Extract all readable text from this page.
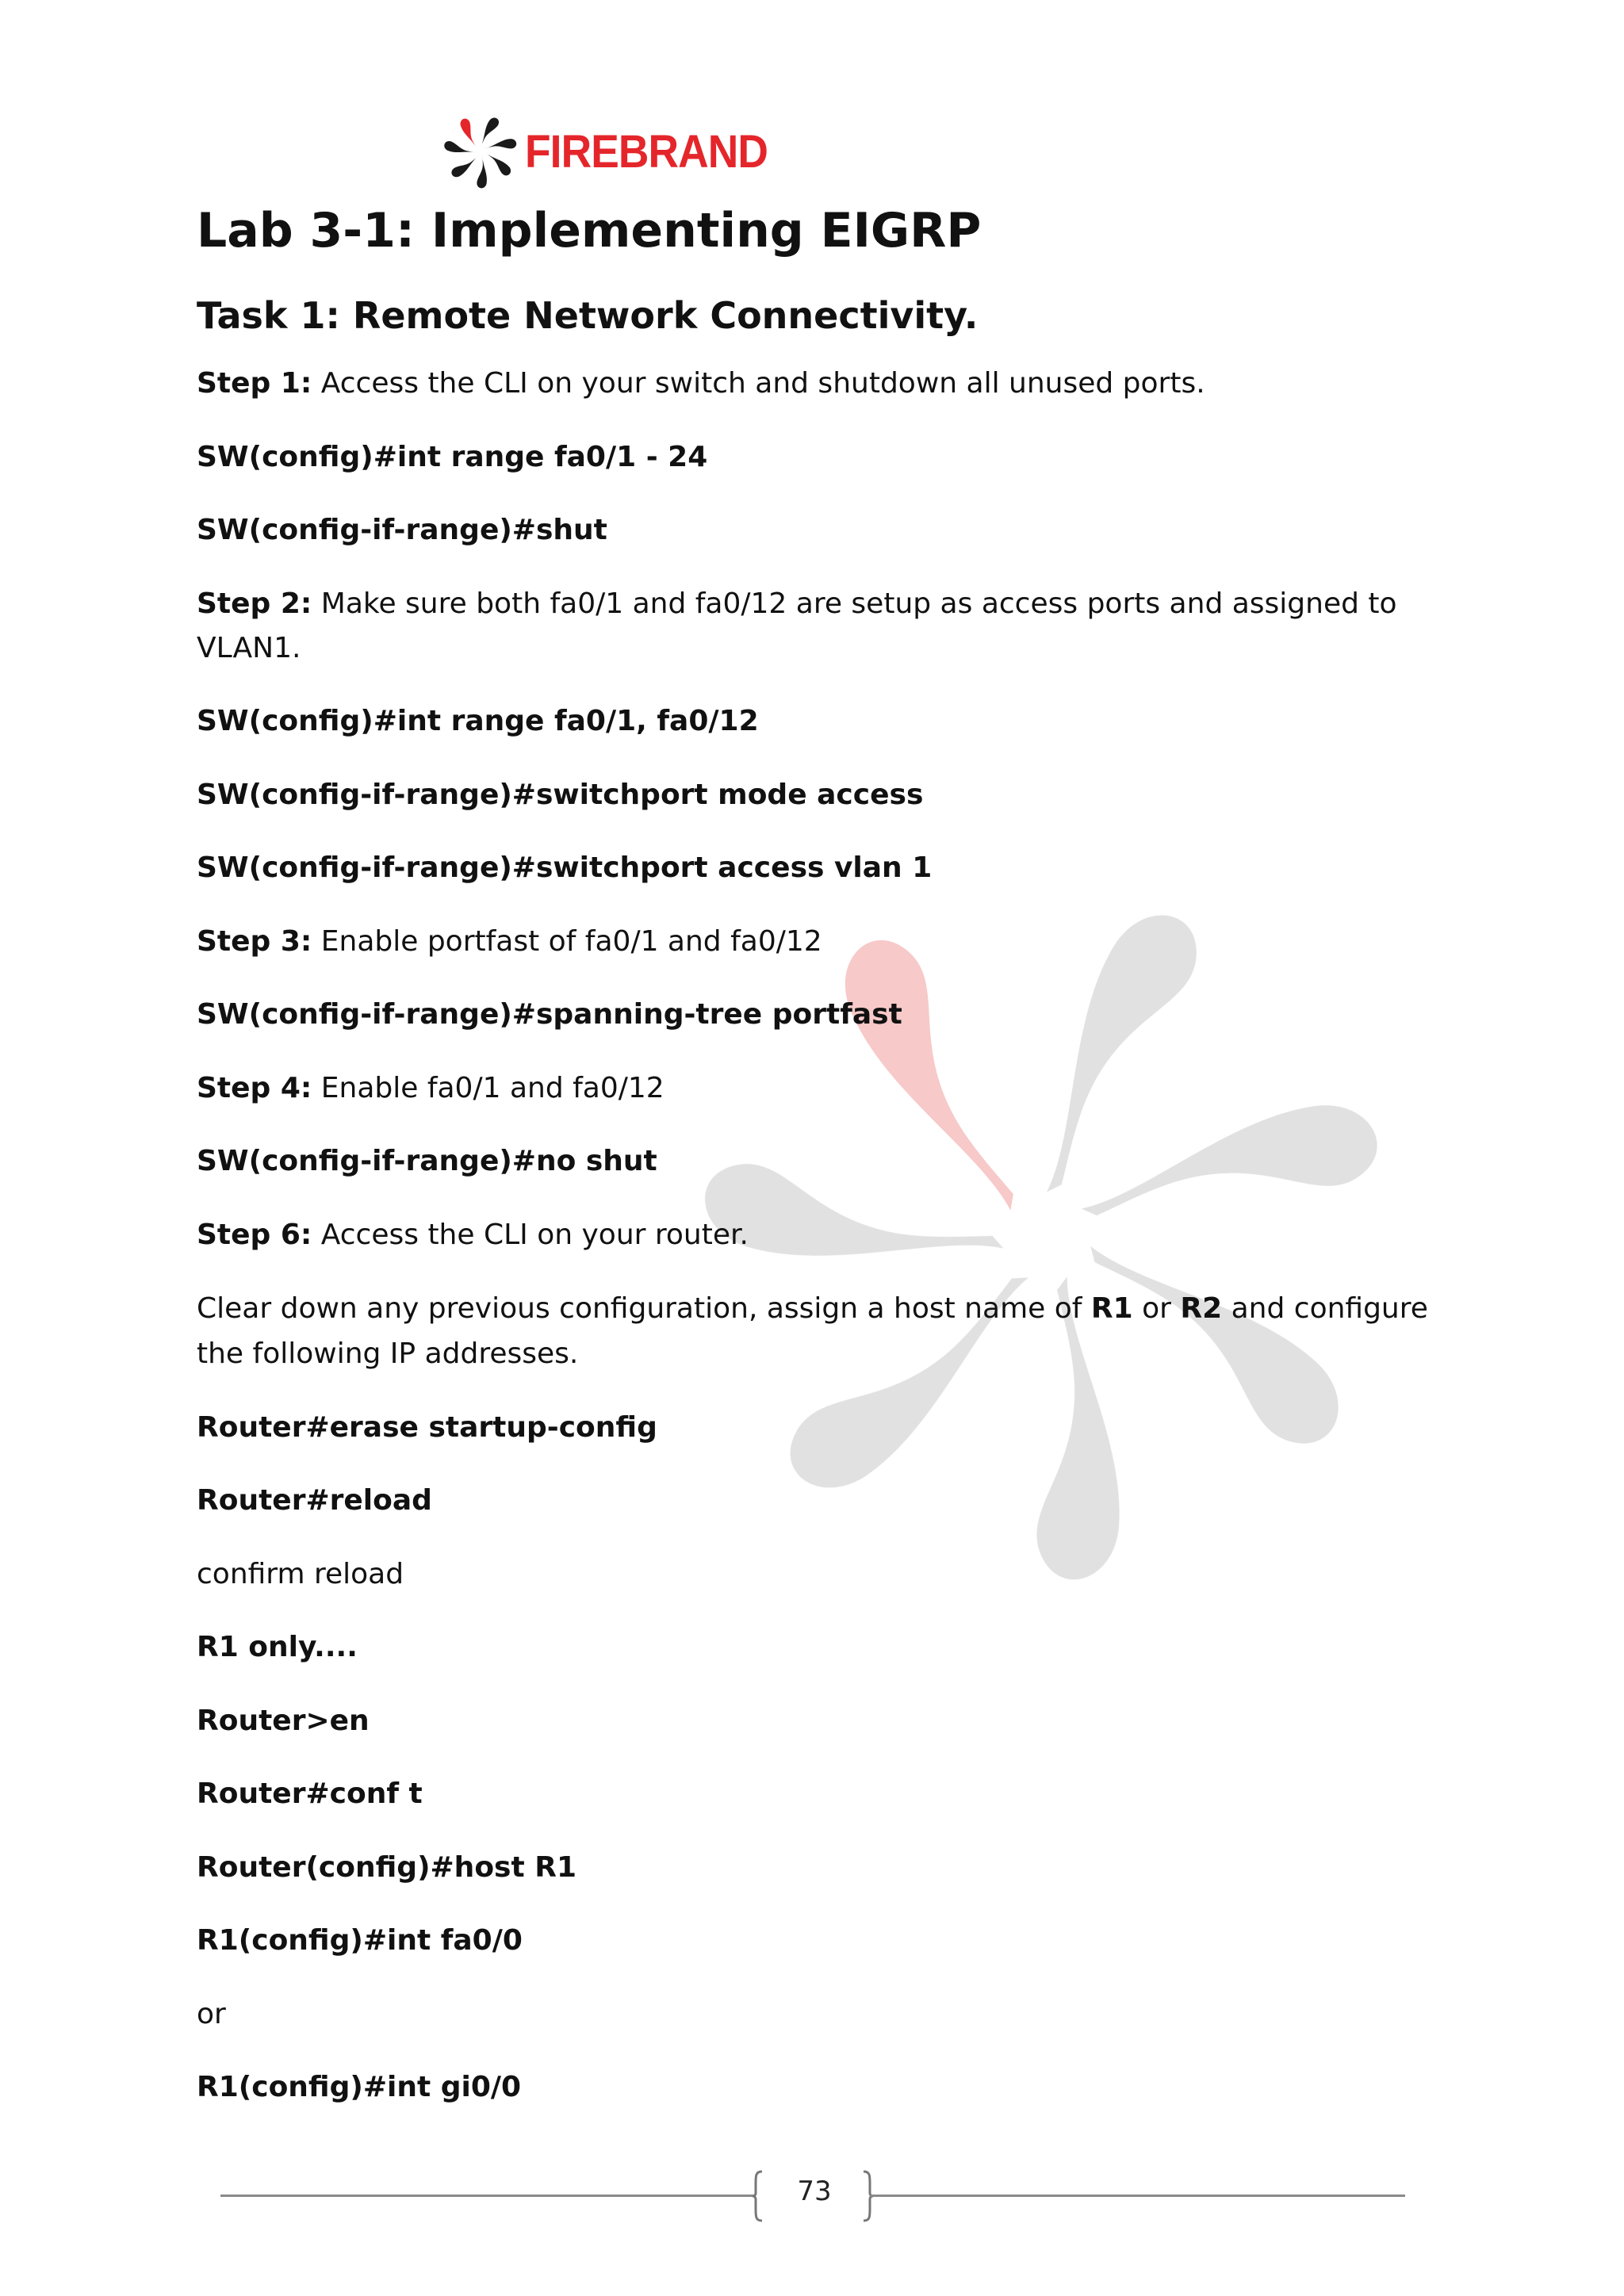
FIREBRAND
Lab 3-1: Implementing EIGRP
Task 1: Remote Network Connectivity.
Step 1: Access the CLI on your switch and shutdown all unused ports.
SW(config)#int range fa0/1 - 24
SW(config-if-range)#shut
Step 2: Make sure both fa0/1 and fa0/12 are setup as access ports and assigned to VLAN1.
SW(config)#int range fa0/1, fa0/12
SW(config-if-range)#switchport mode access
SW(config-if-range)#switchport access vlan 1
Step 3: Enable portfast of fa0/1 and fa0/12
SW(config-if-range)#spanning-tree portfast
Step 4: Enable fa0/1 and fa0/12
SW(config-if-range)#no shut
Step 6: Access the CLI on your router.
Clear down any previous configuration, assign a host name of R1 or R2 and configure the following IP addresses.
Router#erase startup-config
Router#reload
confirm reload
R1 only....
Router>en
Router#conf t
Router(config)#host R1
R1(config)#int fa0/0
or
R1(config)#int gi0/0
73
